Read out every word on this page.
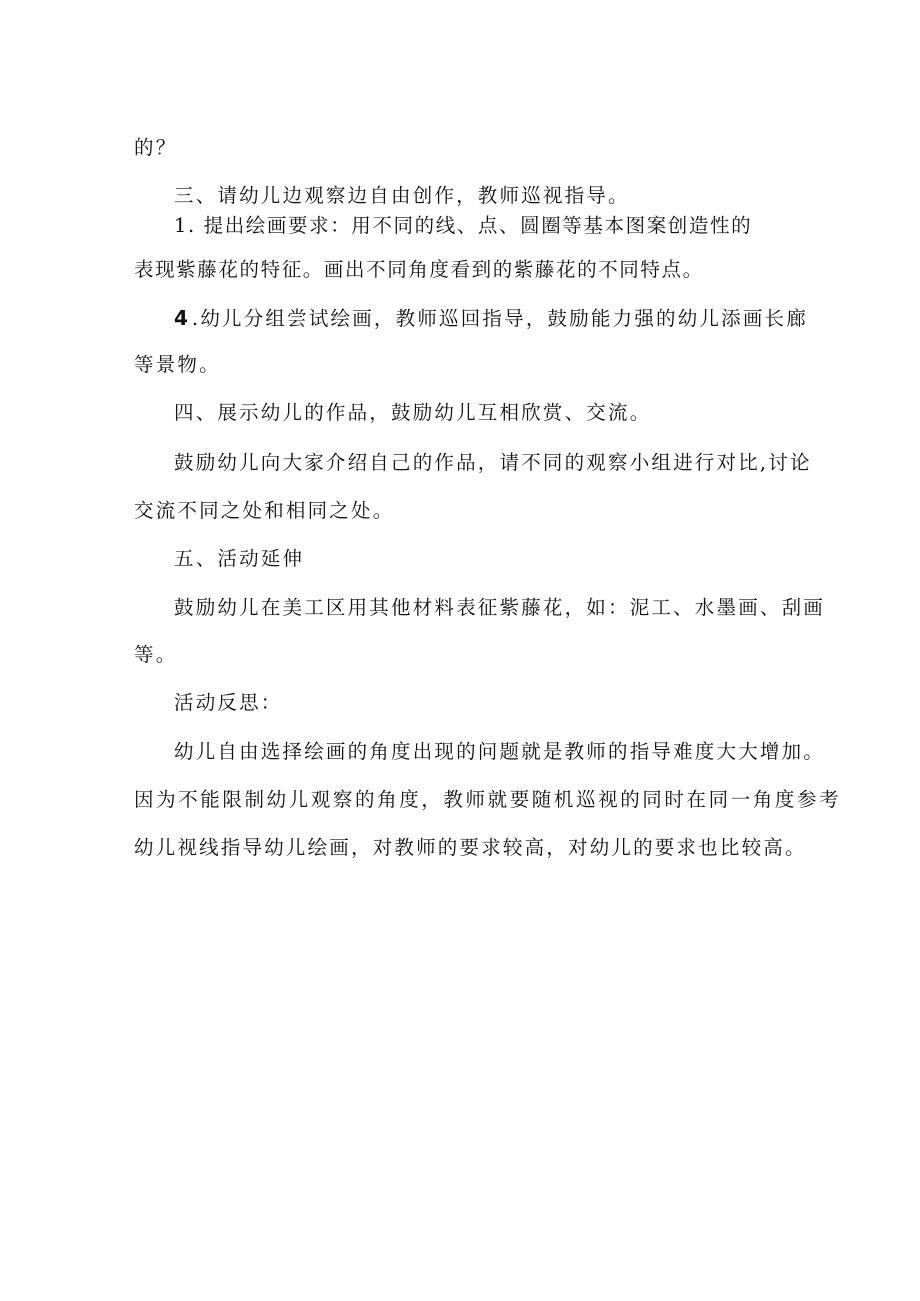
的？
三、请幼儿边观察边自由创作，教师巡视指导。
1. 提出绘画要求：用不同的线、点、圆圈等基本图案创造性的
表现紫藤花的特征。画出不同角度看到的紫藤花的不同特点。
4.幼儿分组尝试绘画，教师巡回指导，鼓励能力强的幼儿添画长廊
等景物。
四、展示幼儿的作品，鼓励幼儿互相欣赏、交流。
鼓励幼儿向大家介绍自己的作品，请不同的观察小组进行对比,讨论
交流不同之处和相同之处。
五、活动延伸
鼓励幼儿在美工区用其他材料表征紫藤花，如：泥工、水墨画、刮画
等。
活动反思：
幼儿自由选择绘画的角度出现的问题就是教师的指导难度大大增加。
因为不能限制幼儿观察的角度，教师就要随机巡视的同时在同一角度参考
幼儿视线指导幼儿绘画，对教师的要求较高，对幼儿的要求也比较高。
